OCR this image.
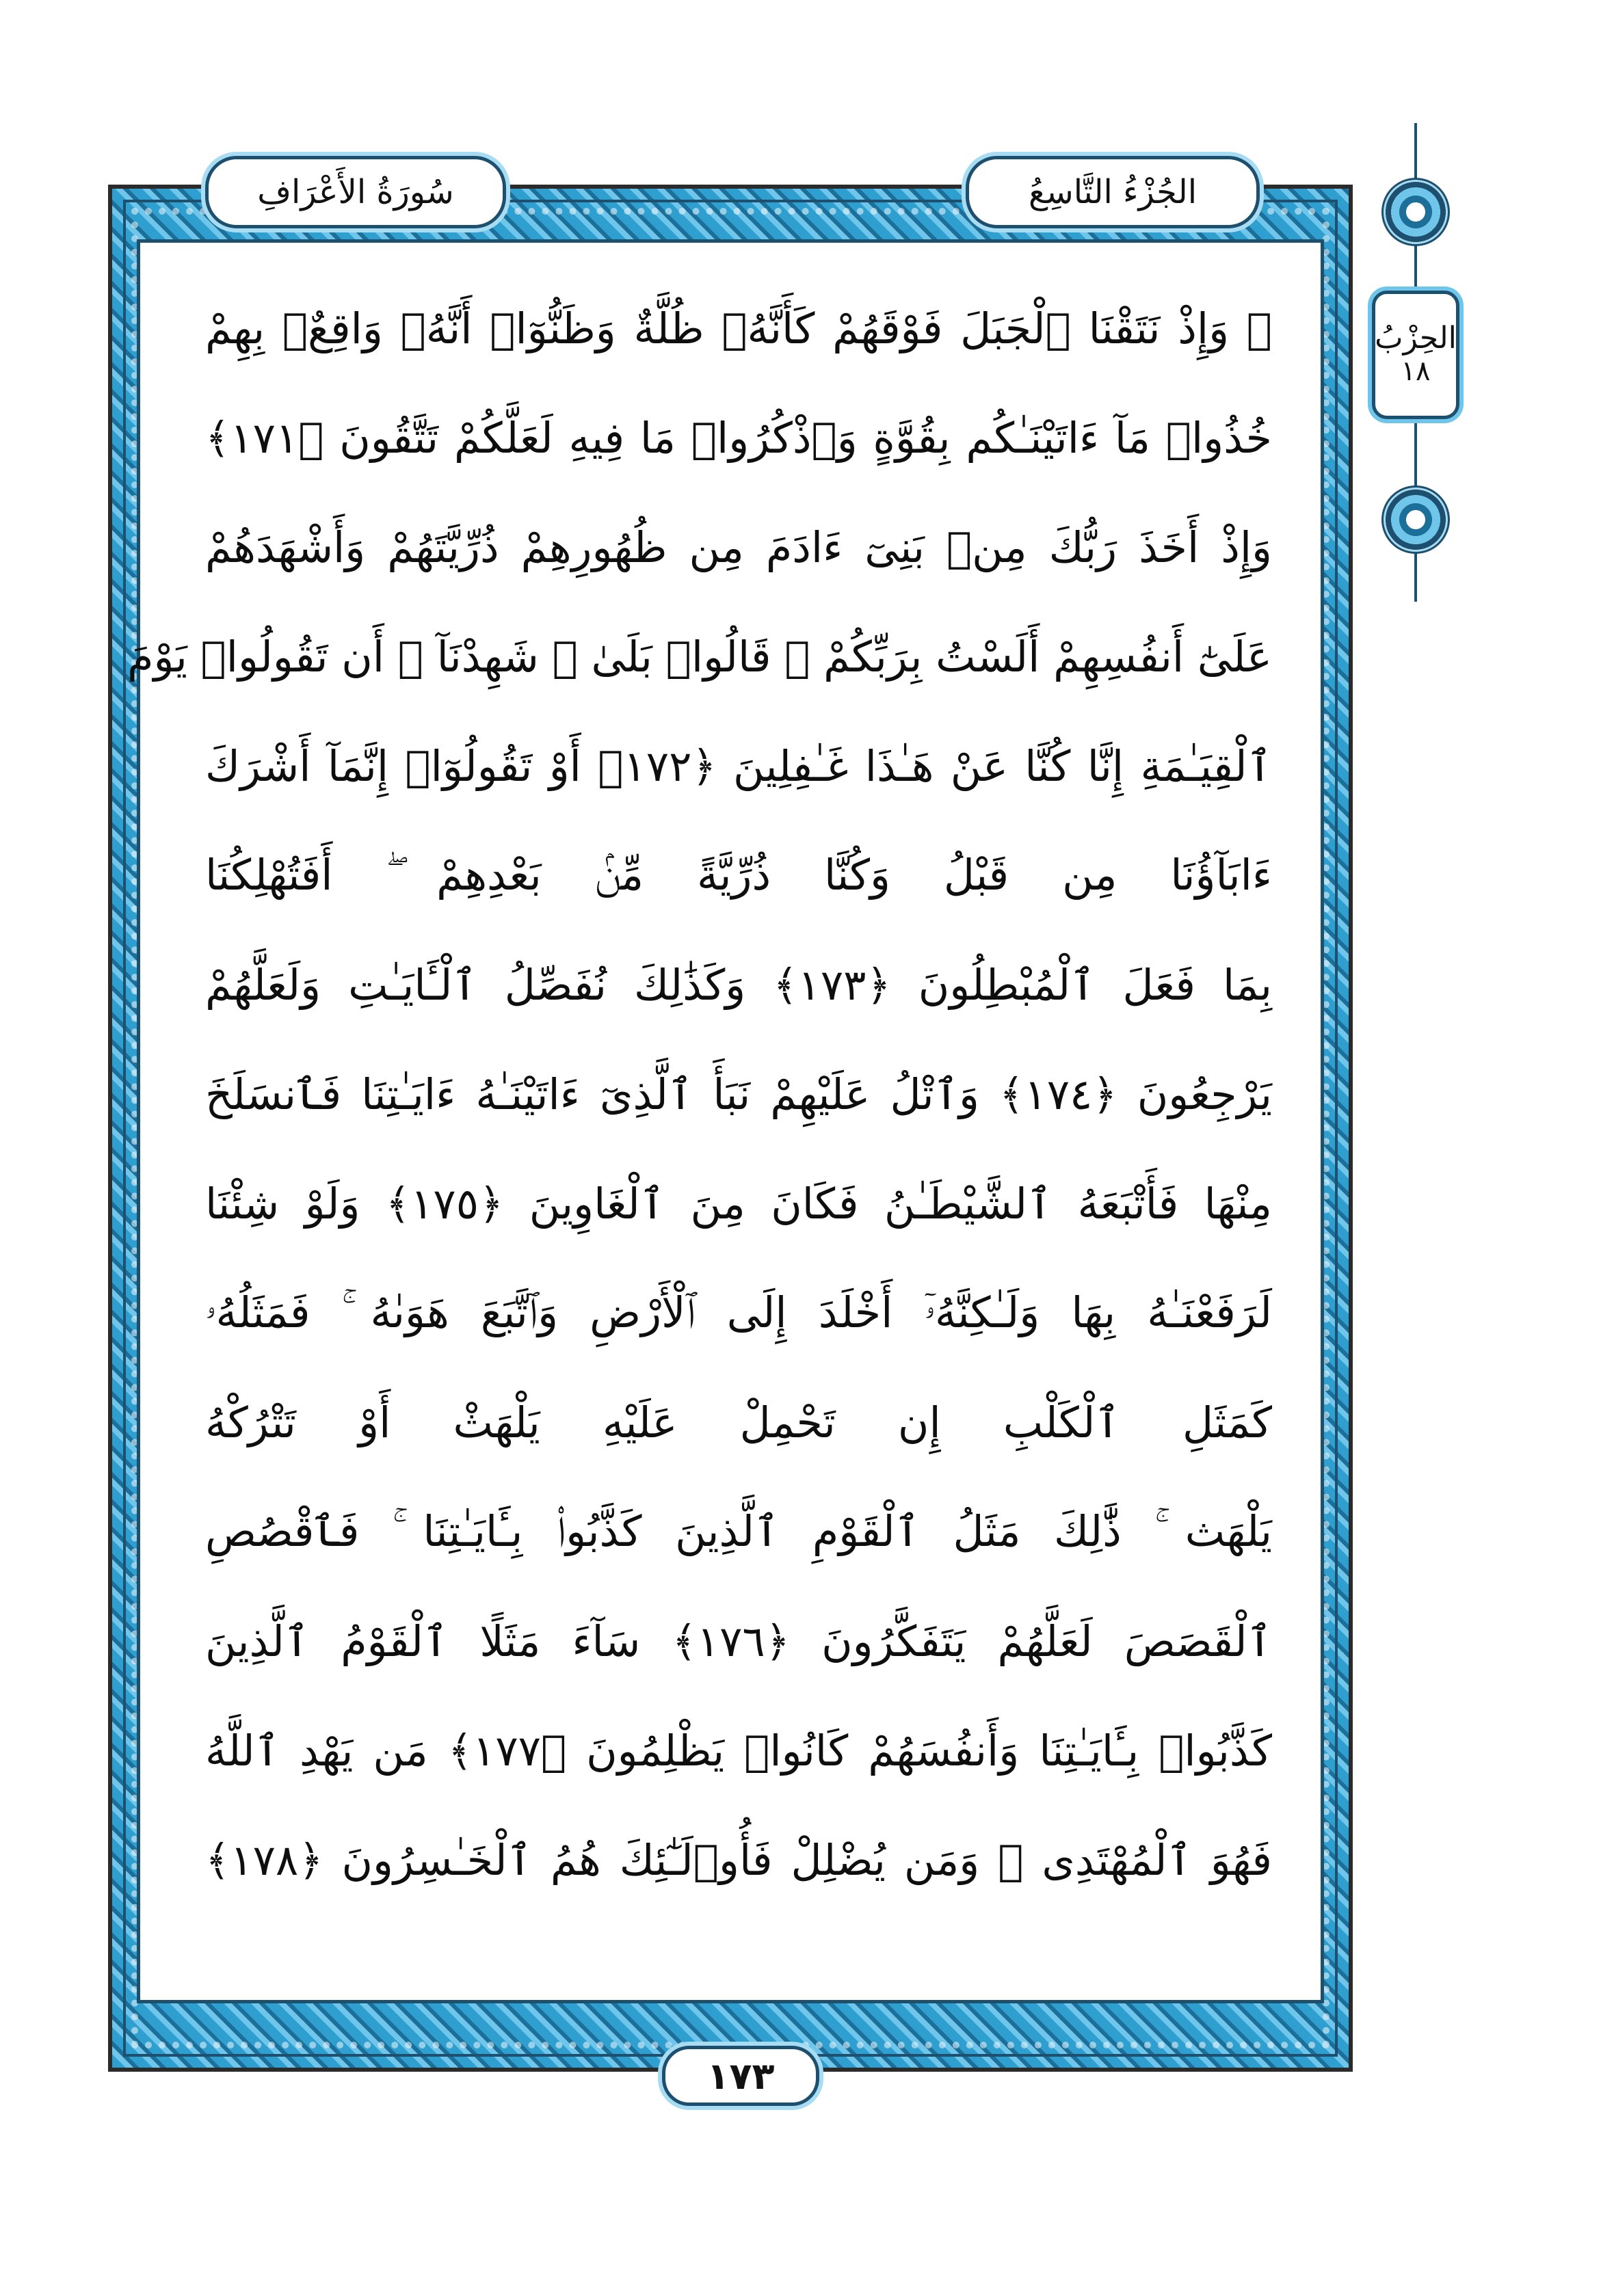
سُورَةُ الأَعْرَافِ	الجُزْءُ التَّاسِعُ
الحِزْبُ
١٨
۞ وَإِذْ نَتَقْنَا ٱلْجَبَلَ فَوْقَهُمْ كَأَنَّهُۥ ظُلَّةٌ وَظَنُّوٓا۟ أَنَّهُۥ وَاقِعٌۢ بِهِمْ
خُذُوا۟ مَآ ءَاتَيْنَـٰكُم بِقُوَّةٍ وَٱذْكُرُوا۟ مَا فِيهِ لَعَلَّكُمْ تَتَّقُونَ ﴿١٧١﴾
وَإِذْ أَخَذَ رَبُّكَ مِنۢ بَنِىٓ ءَادَمَ مِن ظُهُورِهِمْ ذُرِّيَّتَهُمْ وَأَشْهَدَهُمْ
عَلَىٰٓ أَنفُسِهِمْ أَلَسْتُ بِرَبِّكُمْ ۖ قَالُوا۟ بَلَىٰ ۛ شَهِدْنَآ ۛ أَن تَقُولُوا۟ يَوْمَ
ٱلْقِيَـٰمَةِ إِنَّا كُنَّا عَنْ هَـٰذَا غَـٰفِلِينَ ﴿١٧٢﴾ أَوْ تَقُولُوٓا۟ إِنَّمَآ أَشْرَكَ
ءَابَآؤُنَا مِن قَبْلُ وَكُنَّا ذُرِّيَّةً مِّنۢ بَعْدِهِمْ ۖ أَفَتُهْلِكُنَا
بِمَا فَعَلَ ٱلْمُبْطِلُونَ ﴿١٧٣﴾ وَكَذَٰلِكَ نُفَصِّلُ ٱلْـَٔايَـٰتِ وَلَعَلَّهُمْ
يَرْجِعُونَ ﴿١٧٤﴾ وَٱتْلُ عَلَيْهِمْ نَبَأَ ٱلَّذِىٓ ءَاتَيْنَـٰهُ ءَايَـٰتِنَا فَٱنسَلَخَ
مِنْهَا فَأَتْبَعَهُ ٱلشَّيْطَـٰنُ فَكَانَ مِنَ ٱلْغَاوِينَ ﴿١٧٥﴾ وَلَوْ شِئْنَا
لَرَفَعْنَـٰهُ بِهَا وَلَـٰكِنَّهُۥٓ أَخْلَدَ إِلَى ٱلْأَرْضِ وَٱتَّبَعَ هَوَىٰهُ ۚ فَمَثَلُهُۥ
كَمَثَلِ ٱلْكَلْبِ إِن تَحْمِلْ عَلَيْهِ يَلْهَثْ أَوْ تَتْرُكْهُ
يَلْهَث ۚ ذَّٰلِكَ مَثَلُ ٱلْقَوْمِ ٱلَّذِينَ كَذَّبُوا۟ بِـَٔايَـٰتِنَا ۚ فَٱقْصُصِ
ٱلْقَصَصَ لَعَلَّهُمْ يَتَفَكَّرُونَ ﴿١٧٦﴾ سَآءَ مَثَلًا ٱلْقَوْمُ ٱلَّذِينَ
كَذَّبُوا۟ بِـَٔايَـٰتِنَا وَأَنفُسَهُمْ كَانُوا۟ يَظْلِمُونَ ﴿١٧٧﴾ مَن يَهْدِ ٱللَّهُ
فَهُوَ ٱلْمُهْتَدِى ۖ وَمَن يُضْلِلْ فَأُو۟لَـٰٓئِكَ هُمُ ٱلْخَـٰسِرُونَ ﴿١٧٨﴾
١٧٣
